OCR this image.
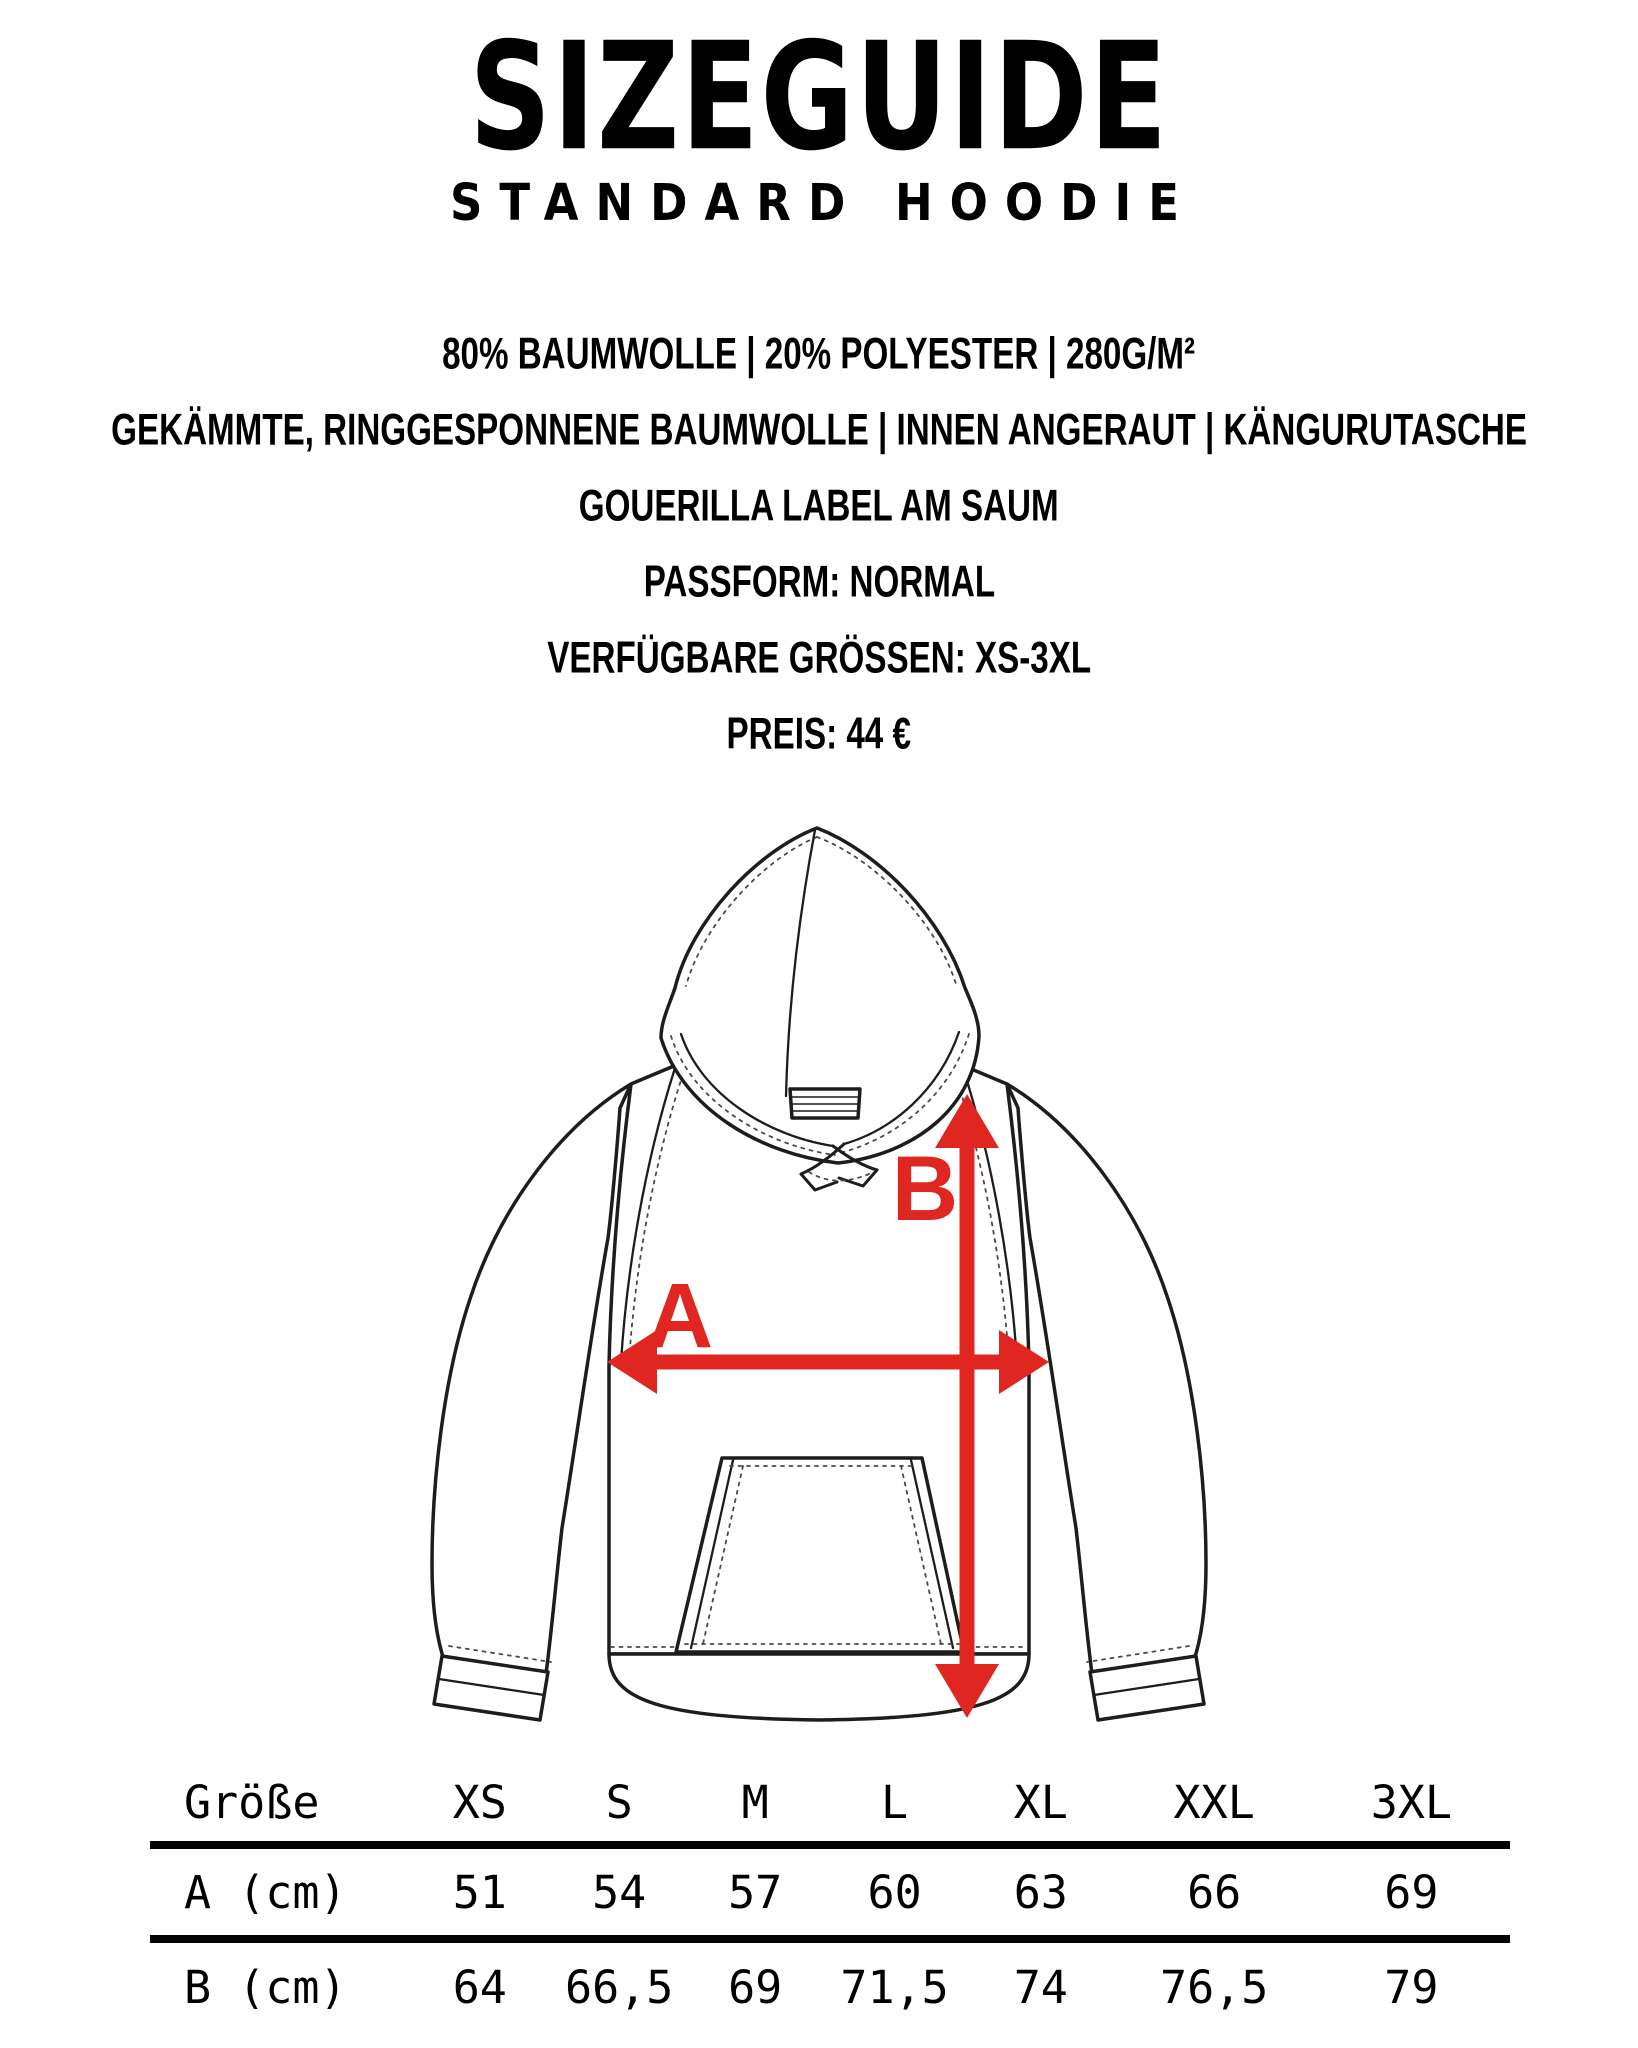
SIZEGUIDE
STANDARD HOODIE
80% BAUMWOLLE | 20% POLYESTER | 280G/M²
GEKÄMMTE, RINGGESPONNENE BAUMWOLLE | INNEN ANGERAUT | KÄNGURUTASCHE
GOUERILLA LABEL AM SAUM
PASSFORM: NORMAL
VERFÜGBARE GRÖSSEN: XS-3XL
PREIS: 44 €
A
B
Größe	XS	S	M	L	XL	XXL	3XL
A (cm)	51	54	57	60	63	66	69
B (cm)	64	66,5	69	71,5	74	76,5	79
